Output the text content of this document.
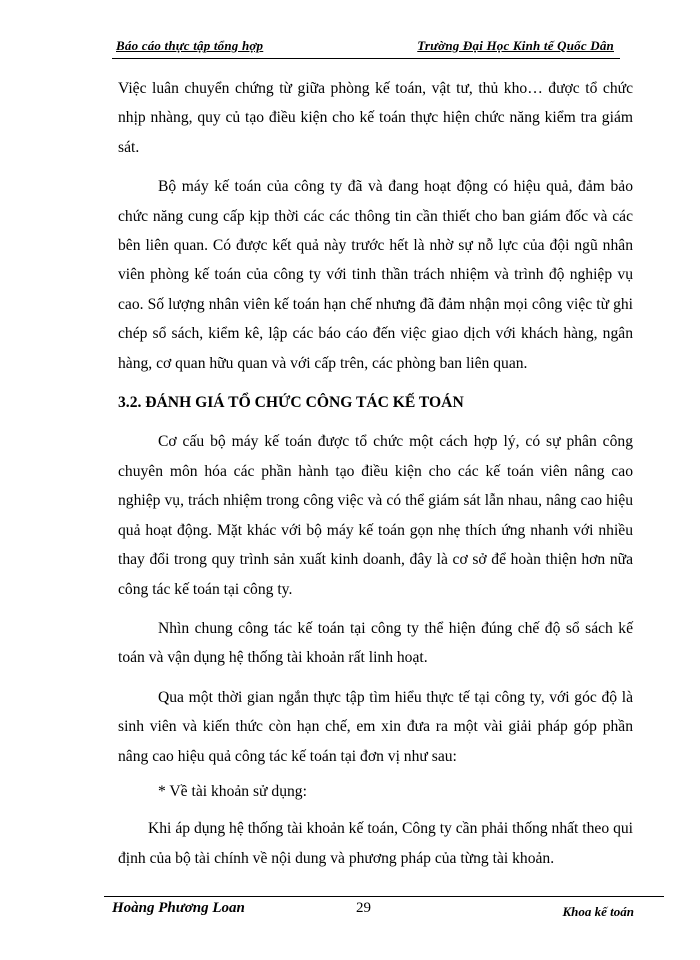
Báo cáo thực tập tổng hợp	Trường Đại Học Kinh tế Quốc Dân

Việc luân chuyển chứng từ giữa phòng kế toán, vật tư, thủ kho… được tổ chức nhịp nhàng, quy củ tạo điều kiện cho kế toán thực hiện chức năng kiểm tra giám sát.

Bộ máy kế toán của công ty đã và đang hoạt động có hiệu quả, đảm bảo chức năng cung cấp kịp thời các các thông tin cần thiết cho ban giám đốc và các bên liên quan. Có được kết quả này trước hết là nhờ sự nỗ lực của đội ngũ nhân viên phòng kế toán của công ty với tinh thần trách nhiệm và trình độ nghiệp vụ cao. Số lượng nhân viên kế toán hạn chế nhưng đã đảm nhận mọi công việc từ ghi chép sổ sách, kiểm kê, lập các báo cáo đến việc giao dịch với khách hàng, ngân hàng, cơ quan hữu quan và với cấp trên, các phòng ban liên quan.

3.2. ĐÁNH GIÁ TỔ CHỨC CÔNG TÁC KẾ TOÁN

Cơ cấu bộ máy kế toán được tổ chức một cách hợp lý, có sự phân công chuyên môn hóa các phần hành tạo điều kiện cho các kế toán viên nâng cao nghiệp vụ, trách nhiệm trong công việc và có thể giám sát lẫn nhau, nâng cao hiệu quả hoạt động. Mặt khác với bộ máy kế toán gọn nhẹ thích ứng nhanh với nhiều thay đổi trong quy trình sản xuất kinh doanh, đây là cơ sở để hoàn thiện hơn nữa công tác kế toán tại công ty.

Nhìn chung công tác kế toán tại công ty thể hiện đúng chế độ sổ sách kế toán và vận dụng hệ thống tài khoản rất linh hoạt.

Qua một thời gian ngắn thực tập tìm hiểu thực tế tại công ty, với góc độ là sinh viên và kiến thức còn hạn chế, em xin đưa ra một vài giải pháp góp phần nâng cao hiệu quả công tác kế toán tại đơn vị như sau:

* Về tài khoản sử dụng:

Khi áp dụng hệ thống tài khoản kế toán, Công ty cần phải thống nhất theo qui định của bộ tài chính về nội dung và phương pháp của từng tài khoản.

Hoàng Phương Loan	29	Khoa kế toán
